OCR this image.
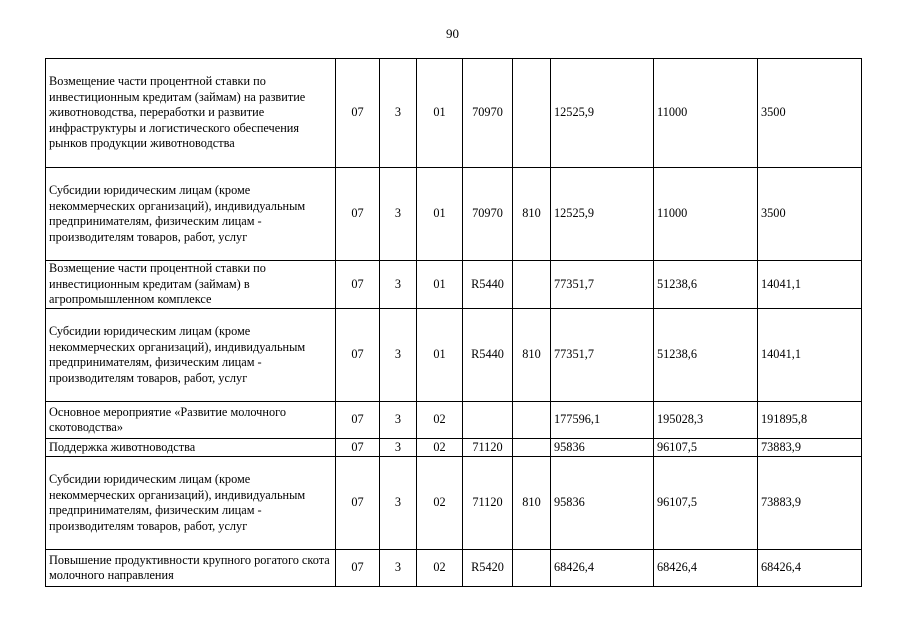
90
Возмещение части процентной ставки по инвестиционным кредитам (займам) на развитие животноводства, переработки и развитие инфраструктуры и логистического обеспечения рынков продукции животноводства	07	3	01	70970		12525,9	11000	3500
Субсидии юридическим лицам (кроме некоммерческих организаций), индивидуальным предпринимателям, физическим лицам - производителям товаров, работ, услуг	07	3	01	70970	810	12525,9	11000	3500
Возмещение части процентной ставки по инвестиционным кредитам (займам) в агропромышленном комплексе	07	3	01	R5440		77351,7	51238,6	14041,1
Субсидии юридическим лицам (кроме некоммерческих организаций), индивидуальным предпринимателям, физическим лицам - производителям товаров, работ, услуг	07	3	01	R5440	810	77351,7	51238,6	14041,1
Основное мероприятие «Развитие молочного скотоводства»	07	3	02			177596,1	195028,3	191895,8
Поддержка животноводства	07	3	02	71120		95836	96107,5	73883,9
Субсидии юридическим лицам (кроме некоммерческих организаций), индивидуальным предпринимателям, физическим лицам - производителям товаров, работ, услуг	07	3	02	71120	810	95836	96107,5	73883,9
Повышение продуктивности крупного рогатого скота молочного направления	07	3	02	R5420		68426,4	68426,4	68426,4
